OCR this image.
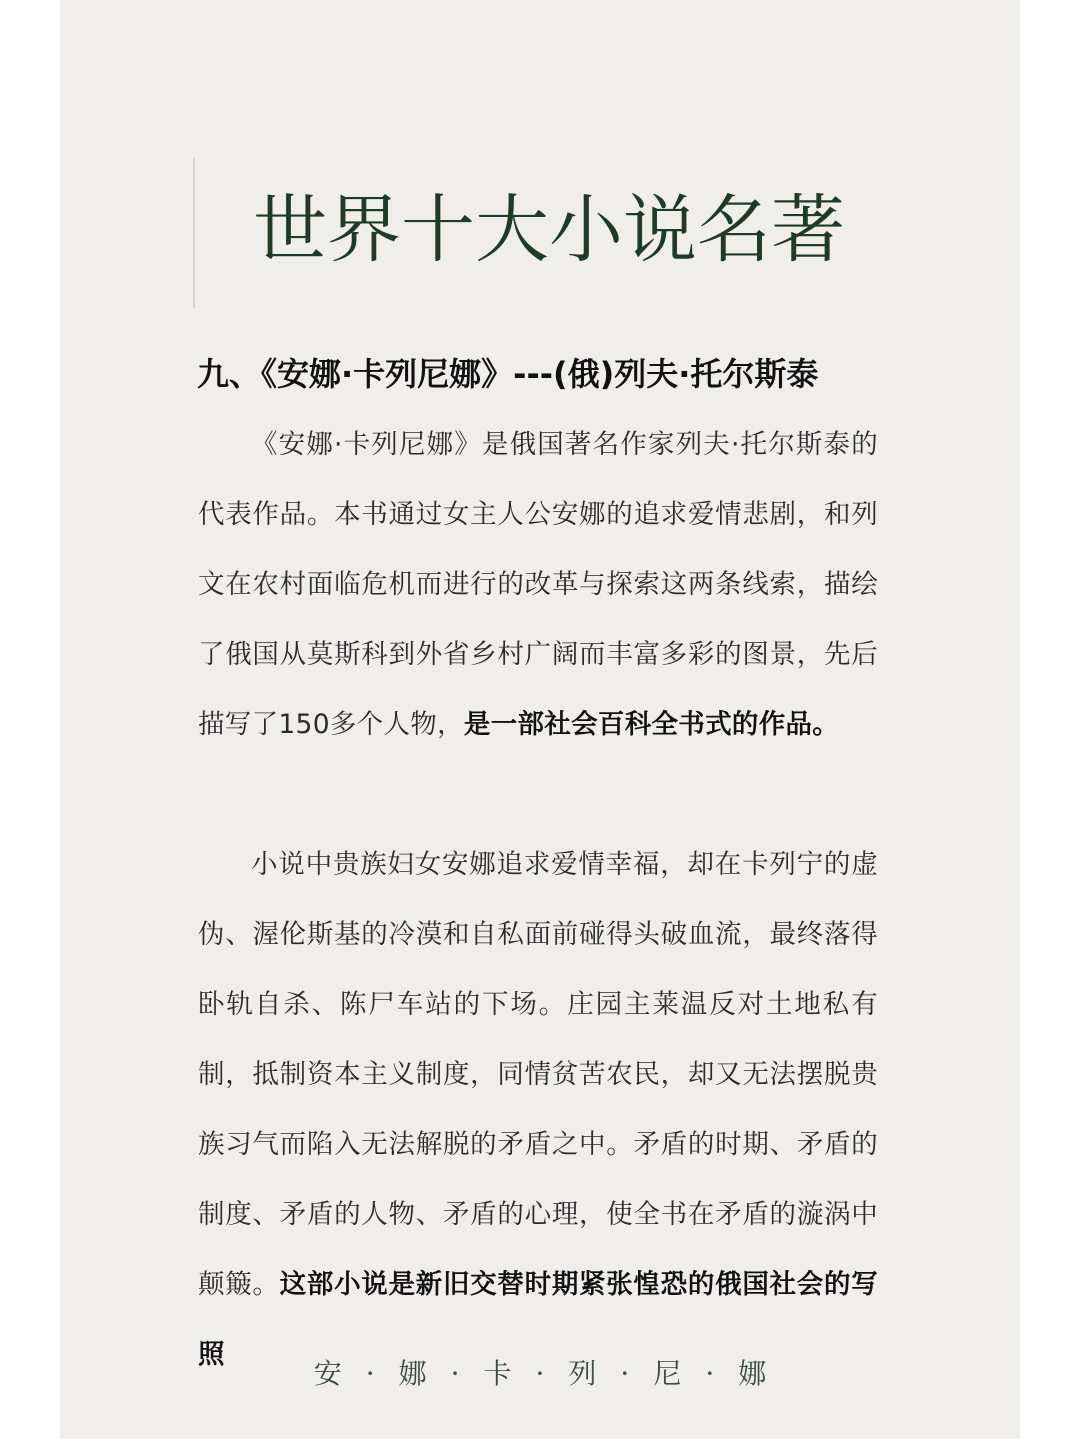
世界十大小说名著
九、《安娜·卡列尼娜》---(俄)列夫·托尔斯泰

《安娜·卡列尼娜》是俄国著名作家列夫·托尔斯泰的代表作品。本书通过女主人公安娜的追求爱情悲剧，和列文在农村面临危机而进行的改革与探索这两条线索，描绘了俄国从莫斯科到外省乡村广阔而丰富多彩的图景，先后描写了150多个人物，是一部社会百科全书式的作品。

小说中贵族妇女安娜追求爱情幸福，却在卡列宁的虚伪、渥伦斯基的冷漠和自私面前碰得头破血流，最终落得卧轨自杀、陈尸车站的下场。庄园主莱温反对土地私有制，抵制资本主义制度，同情贫苦农民，却又无法摆脱贵族习气而陷入无法解脱的矛盾之中。矛盾的时期、矛盾的制度、矛盾的人物、矛盾的心理，使全书在矛盾的漩涡中颠簸。这部小说是新旧交替时期紧张惶恐的俄国社会的写照

安·娜·卡·列·尼·娜
